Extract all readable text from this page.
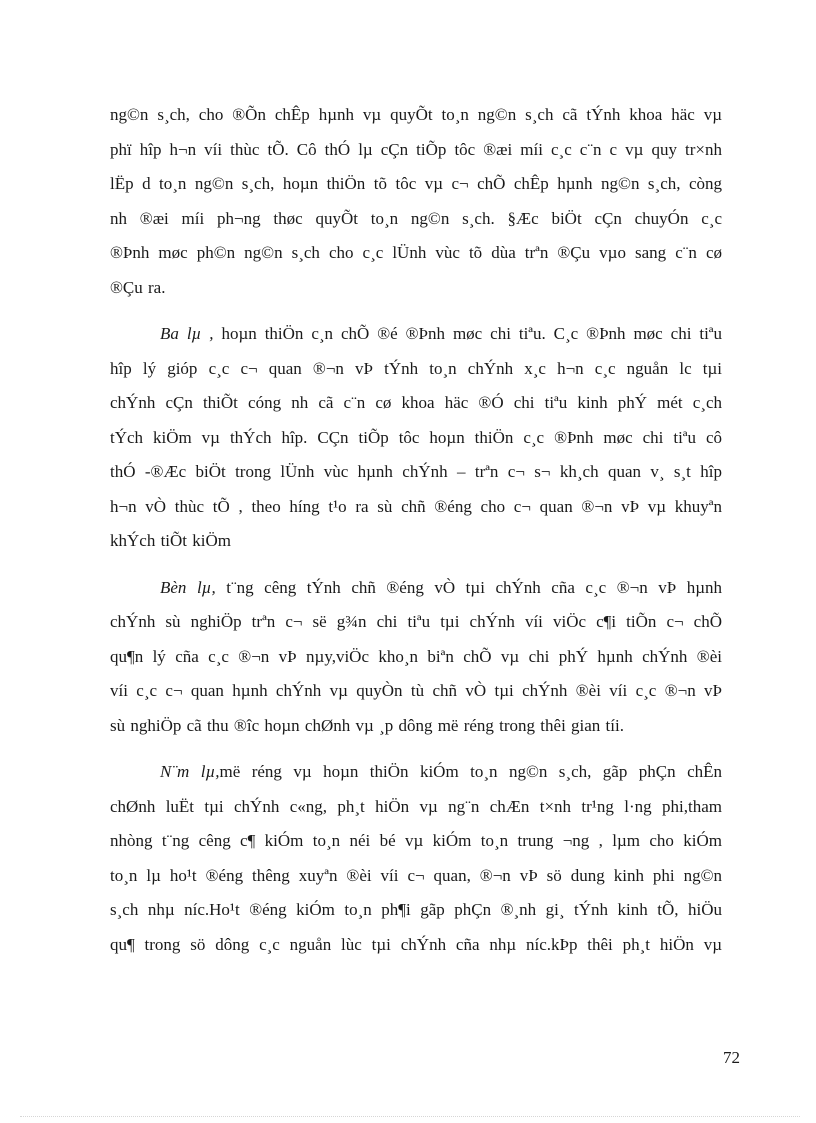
ng©n s¸ch, cho ®Õn chÊp hµnh vµ quyÕt to¸n ng©n s¸ch cã tÝnh khoa häc vµ
phï hîp h¬n víi thùc tÕ. Cô thÓ lµ cÇn tiÕp tôc ®æi míi c¸c c¨n c vµ quy tr×nh
lËp d to¸n ng©n s¸ch, hoµn thiÖn tõ tôc vµ c¬ chÕ chÊp hµnh ng©n s¸ch, còng
nh ®æi míi ph¬ng thøc quyÕt to¸n ng©n s¸ch. §Æc biÖt cÇn chuyÓn c¸c
®Þnh møc ph©n ng©n s¸ch cho c¸c lÜnh vùc tõ dùa trªn ®Çu vµo sang c¨n cø
®Çu ra.
Ba lµ , hoµn thiÖn c¸n chÕ ®é ®Þnh møc chi tiªu. C¸c ®Þnh møc chi tiªu
hîp lý gióp c¸c c¬ quan ®¬n vÞ tÝnh to¸n chÝnh x¸c h¬n c¸c nguån lc tµi
chÝnh cÇn thiÕt cóng nh cã c¨n cø khoa häc ®Ó chi tiªu kinh phÝ mét c¸ch
tÝch kiÖm vµ thÝch hîp. CÇn tiÕp tôc hoµn thiÖn c¸c ®Þnh møc chi tiªu cô
thÓ -®Æc biÖt trong lÜnh vùc hµnh chÝnh – trªn c¬ s¬ kh¸ch quan v¸ s¸t hîp
h¬n vÒ thùc tÕ , theo híng t¹o ra sù chñ ®éng cho c¬ quan ®¬n vÞ vµ khuyªn
khÝch tiÕt kiÖm
Bèn lµ, t¨ng cêng tÝnh chñ ®éng vÒ tµi chÝnh cña c¸c ®¬n vÞ hµnh
chÝnh sù nghiÖp trªn c¬ së g¾n chi tiªu tµi chÝnh víi viÖc c¶i tiÕn c¬ chÕ
qu¶n lý cña c¸c ®¬n vÞ nµy,viÖc kho¸n biªn chÕ vµ chi phÝ hµnh chÝnh ®èi
víi c¸c c¬ quan hµnh chÝnh vµ quyÒn tù chñ vÒ tµi chÝnh ®èi víi c¸c ®¬n vÞ
sù nghiÖp cã thu ®îc hoµn chØnh vµ ¸p dông më réng trong thêi gian tíi.
N¨m lµ,më réng vµ hoµn thiÖn kiÓm to¸n ng©n s¸ch, gãp phÇn chÊn
chØnh luËt tµi chÝnh c«ng, ph¸t hiÖn vµ ng¨n chÆn t×nh tr¹ng l·ng phi,tham
nhòng t¨ng cêng c¶ kiÓm to¸n néi bé vµ kiÓm to¸n trung ¬ng , lµm cho kiÓm
to¸n lµ ho¹t ®éng thêng xuyªn ®èi víi c¬ quan, ®¬n vÞ sö dung kinh phi ng©n
s¸ch nhµ níc.Ho¹t ®éng kiÓm to¸n ph¶i gãp phÇn ®¸nh gi¸ tÝnh kinh tÕ, hiÖu
qu¶ trong sö dông c¸c nguån lùc tµi chÝnh cña nhµ níc.kÞp thêi ph¸t hiÖn vµ
72
